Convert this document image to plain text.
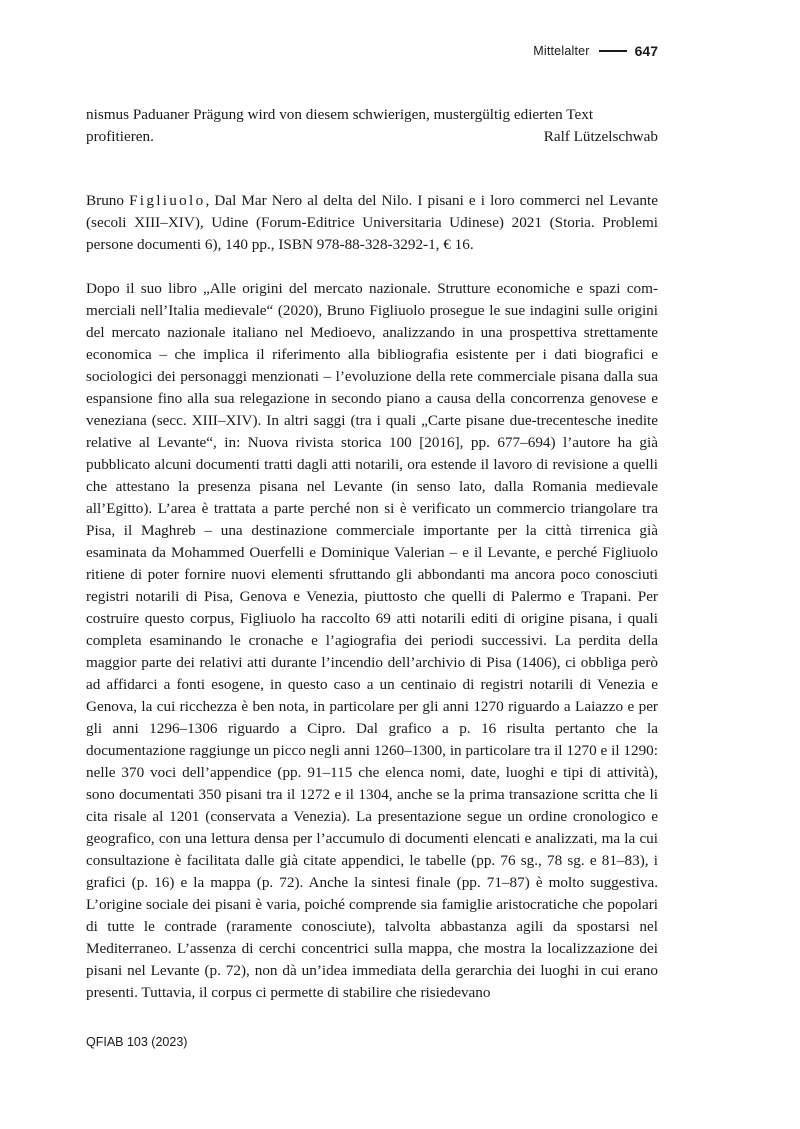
Mittelalter	647
nismus Paduaner Prägung wird von diesem schwierigen, mustergültig edierten Text
profitieren.	Ralf Lützelschwab
Bruno Figliuolo, Dal Mar Nero al delta del Nilo. I pisani e i loro commerci nel Levante (secoli XIII–XIV), Udine (Forum-Editrice Universitaria Udinese) 2021 (Storia. Problemi persone documenti 6), 140 pp., ISBN 978-88-328-3292-1, € 16.

Dopo il suo libro „Alle origini del mercato nazionale. Strutture economiche e spazi commerciali nell’Italia medievale“ (2020), Bruno Figliuolo prosegue le sue indagini sulle origini del mercato nazionale italiano nel Medioevo, analizzando in una prospettiva strettamente economica – che implica il riferimento alla bibliografia esistente per i dati biografici e sociologici dei personaggi menzionati – l’evoluzione della rete commerciale pisana dalla sua espansione fino alla sua relegazione in secondo piano a causa della concorrenza genovese e veneziana (secc. XIII–XIV). In altri saggi (tra i quali „Carte pisane due-trecentesche inedite relative al Levante“, in: Nuova rivista storica 100 [2016], pp. 677–694) l’autore ha già pubblicato alcuni documenti tratti dagli atti notarili, ora estende il lavoro di revisione a quelli che attestano la presenza pisana nel Levante (in senso lato, dalla Romania medievale all’Egitto). L’area è trattata a parte perché non si è verificato un commercio triangolare tra Pisa, il Maghreb – una destinazione commerciale importante per la città tirrenica già esaminata da Mohammed Ouerfelli e Dominique Valerian – e il Levante, e perché Figliuolo ritiene di poter fornire nuovi elementi sfruttando gli abbondanti ma ancora poco conosciuti registri notarili di Pisa, Genova e Venezia, piuttosto che quelli di Palermo e Trapani. Per costruire questo corpus, Figliuolo ha raccolto 69 atti notarili editi di origine pisana, i quali completa esaminando le cronache e l’agiografia dei periodi successivi. La perdita della maggior parte dei relativi atti durante l’incendio dell’archivio di Pisa (1406), ci obbliga però ad affidarci a fonti esogene, in questo caso a un centinaio di registri notarili di Venezia e Genova, la cui ricchezza è ben nota, in particolare per gli anni 1270 riguardo a Laiazzo e per gli anni 1296–1306 riguardo a Cipro. Dal grafico a p. 16 risulta pertanto che la documentazione raggiunge un picco negli anni 1260–1300, in particolare tra il 1270 e il 1290: nelle 370 voci dell’appendice (pp. 91–115 che elenca nomi, date, luoghi e tipi di attività), sono documentati 350 pisani tra il 1272 e il 1304, anche se la prima transazione scritta che li cita risale al 1201 (conservata a Venezia). La presentazione segue un ordine cronologico e geografico, con una lettura densa per l’accumulo di documenti elencati e analizzati, ma la cui consultazione è facilitata dalle già citate appendici, le tabelle (pp. 76 sg., 78 sg. e 81–83), i grafici (p. 16) e la mappa (p. 72). Anche la sintesi finale (pp. 71–87) è molto suggestiva. L’origine sociale dei pisani è varia, poiché comprende sia famiglie aristocratiche che popolari di tutte le contrade (raramente conosciute), talvolta abbastanza agili da spostarsi nel Mediterraneo. L’assenza di cerchi concentrici sulla mappa, che mostra la localizzazione dei pisani nel Levante (p. 72), non dà un’idea immediata della gerarchia dei luoghi in cui erano presenti. Tuttavia, il corpus ci permette di stabilire che risiedevano

QFIAB 103 (2023)
